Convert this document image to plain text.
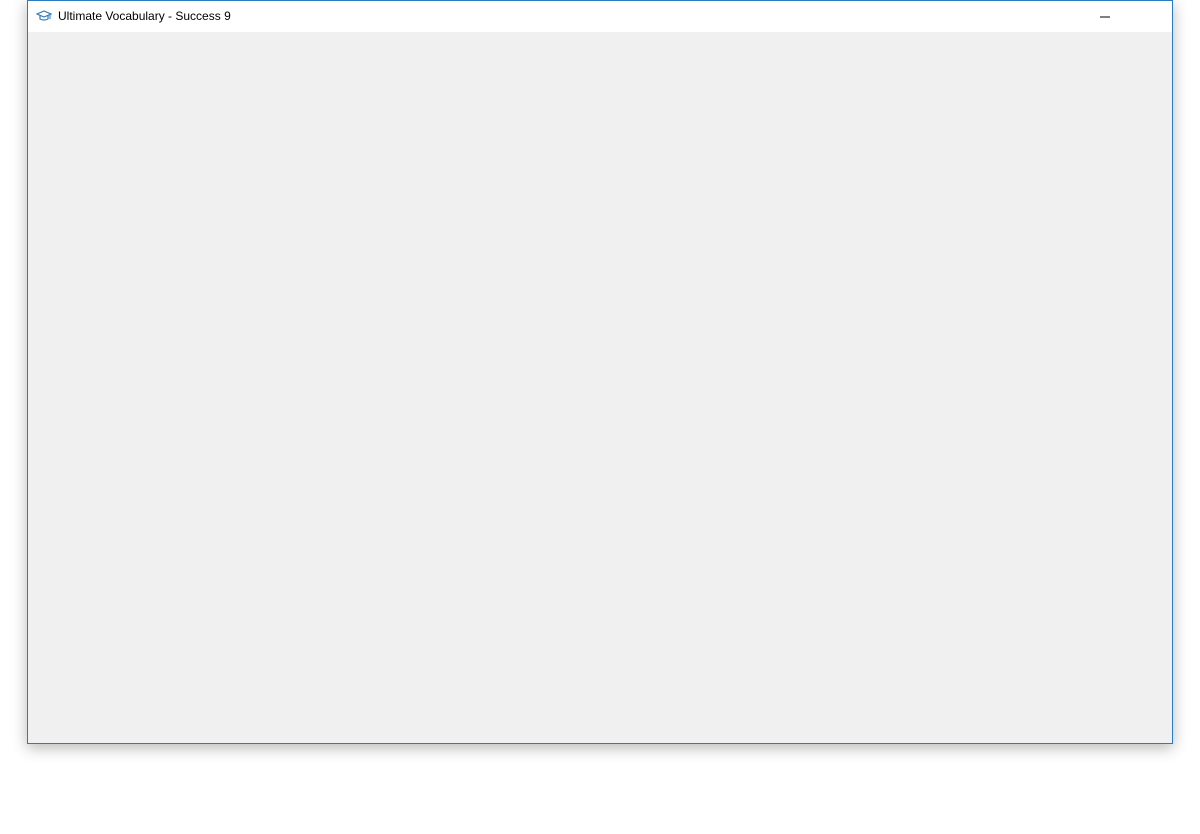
Ultimate Vocabulary - Success 9
